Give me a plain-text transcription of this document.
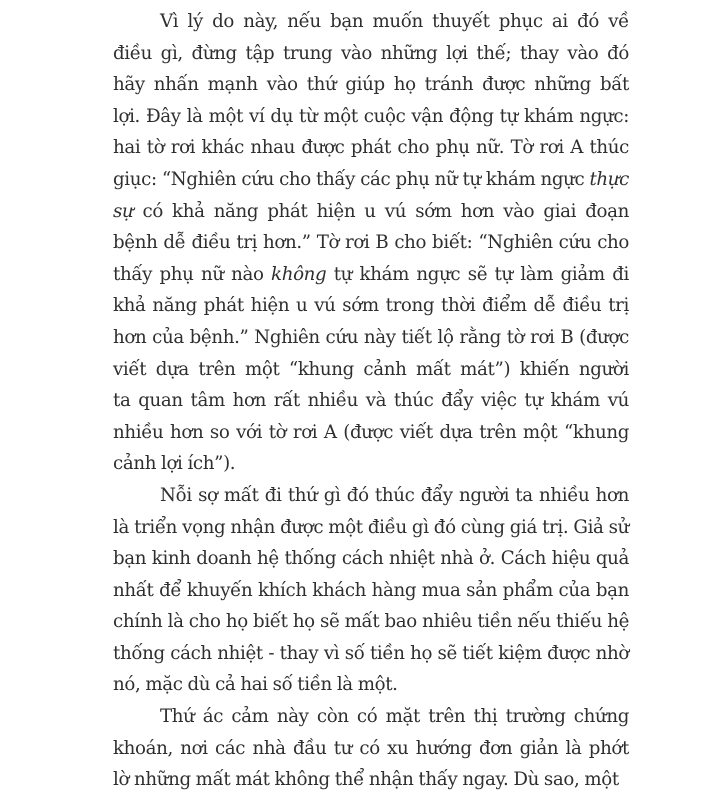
Vì lý do này, nếu bạn muốn thuyết phục ai đó về
điều gì, đừng tập trung vào những lợi thế; thay vào đó
hãy nhấn mạnh vào thứ giúp họ tránh được những bất
lợi. Đây là một ví dụ từ một cuộc vận động tự khám ngực:
hai tờ rơi khác nhau được phát cho phụ nữ. Tờ rơi A thúc
giục: “Nghiên cứu cho thấy các phụ nữ tự khám ngực thực
sự có khả năng phát hiện u vú sớm hơn vào giai đoạn
bệnh dễ điều trị hơn.” Tờ rơi B cho biết: “Nghiên cứu cho
thấy phụ nữ nào không tự khám ngực sẽ tự làm giảm đi
khả năng phát hiện u vú sớm trong thời điểm dễ điều trị
hơn của bệnh.” Nghiên cứu này tiết lộ rằng tờ rơi B (được
viết dựa trên một “khung cảnh mất mát”) khiến người
ta quan tâm hơn rất nhiều và thúc đẩy việc tự khám vú
nhiều hơn so với tờ rơi A (được viết dựa trên một “khung
cảnh lợi ích”).
Nỗi sợ mất đi thứ gì đó thúc đẩy người ta nhiều hơn
là triển vọng nhận được một điều gì đó cùng giá trị. Giả sử
bạn kinh doanh hệ thống cách nhiệt nhà ở. Cách hiệu quả
nhất để khuyến khích khách hàng mua sản phẩm của bạn
chính là cho họ biết họ sẽ mất bao nhiêu tiền nếu thiếu hệ
thống cách nhiệt - thay vì số tiền họ sẽ tiết kiệm được nhờ
nó, mặc dù cả hai số tiền là một.
Thứ ác cảm này còn có mặt trên thị trường chứng
khoán, nơi các nhà đầu tư có xu hướng đơn giản là phớt
lờ những mất mát không thể nhận thấy ngay. Dù sao, một
